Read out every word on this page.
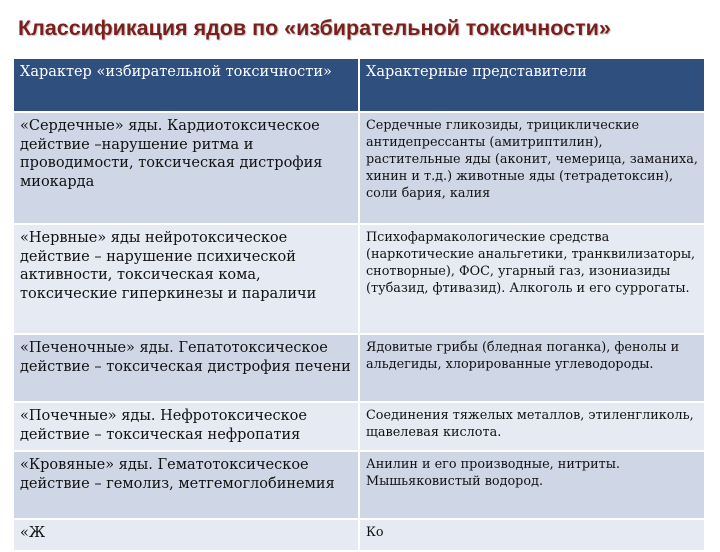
Классификация ядов по «избирательной токсичности»
Характер «избирательной токсичности»	Характерные представители
«Сердечные» яды. Кардиотоксическое действие –нарушение ритма и проводимости, токсическая дистрофия миокарда	Сердечные гликозиды, трициклические антидепрессанты (амитриптилин), растительные яды (аконит, чемерица, заманиха, хинин и т.д.) животные яды (тетрадетоксин), соли бария, калия
«Нервные» яды нейротоксическое действие – нарушение психической активности, токсическая кома, токсические гиперкинезы и параличи	Психофармакологические средства (наркотические анальгетики, транквилизаторы, снотворные), ФОС, угарный газ, изониазиды (тубазид, фтивазид). Алкоголь и его суррогаты.
«Печеночные» яды. Гепатотоксическое действие – токсическая дистрофия печени	Ядовитые грибы (бледная поганка), фенолы и альдегиды, хлорированные углеводороды.
«Почечные» яды. Нефротоксическое действие – токсическая нефропатия	Соединения тяжелых металлов, этиленгликоль, щавелевая кислота.
«Кровяные» яды. Гематотоксическое действие – гемолиз, метгемоглобинемия	Анилин и его производные, нитриты. Мышьяковистый водород.
«Ж	Ко
